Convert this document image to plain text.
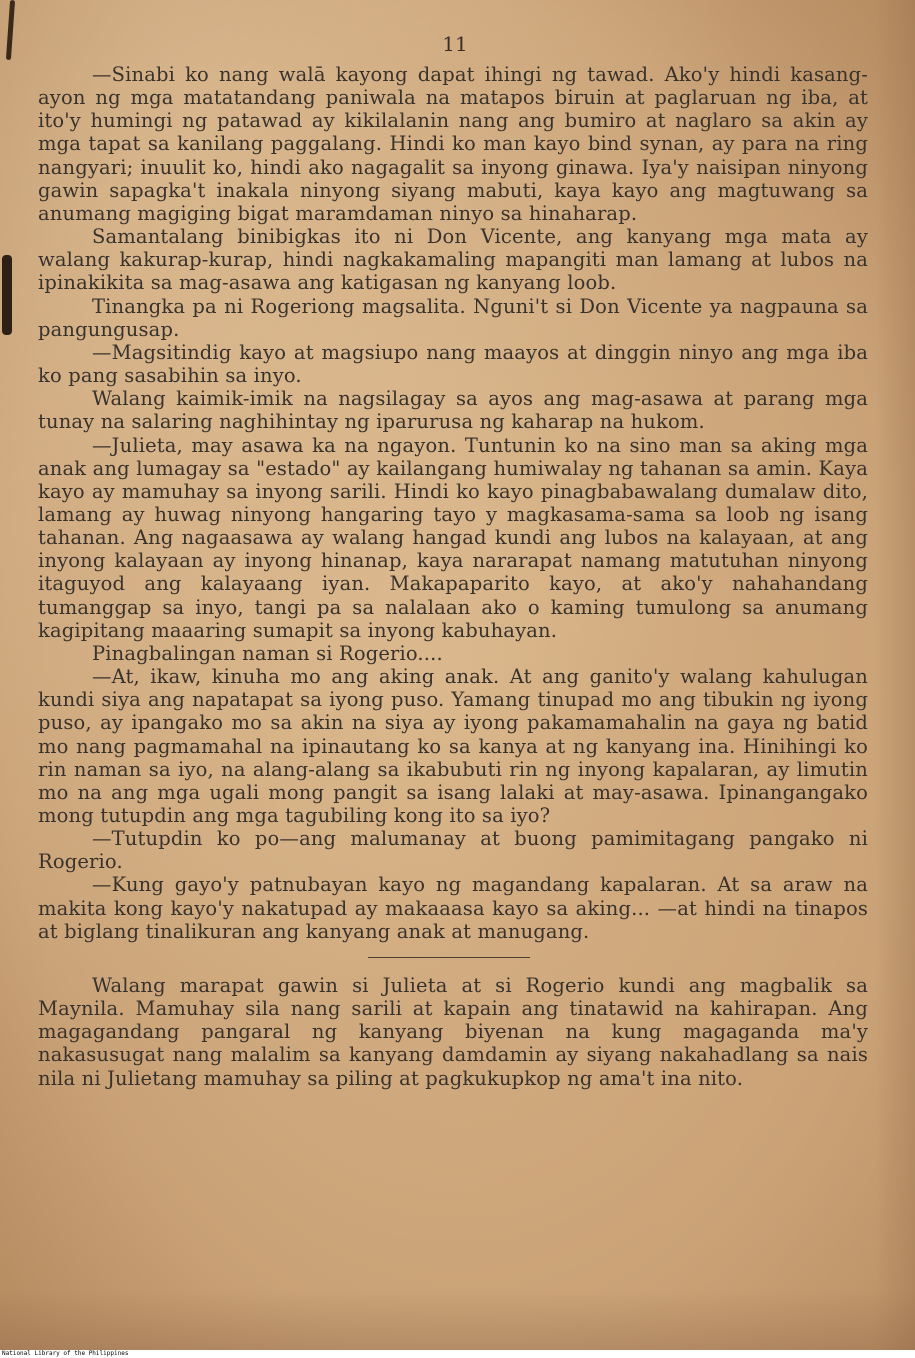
11

—Sinabi ko nang walā kayong dapat ihingi ng tawad. Ako'y hindi kasang-ayon ng mga matatandang paniwala na matapos biruin at paglaruan ng iba, at ito'y humingi ng patawad ay kikilalanin nang ang bumiro at naglaro sa akin ay mga tapat sa kanilang paggalang. Hindi ko man kayo bind synan, ay para na ring nangyari; inuulit ko, hindi ako nagagalit sa inyong ginawa. Iya'y naisipan ninyong gawin sapagka't inakala ninyong siyang mabuti, kaya kayo ang magtuwang sa anumang magiging bigat maramdaman ninyo sa hinaharap.

Samantalang binibigkas ito ni Don Vicente, ang kanyang mga mata ay walang kakurap-kurap, hindi nagkakamaling mapangiti man lamang at lubos na ipinakikita sa mag-asawa ang katigasan ng kanyang loob.

Tinangka pa ni Rogeriong magsalita. Nguni't si Don Vicente ya nagpauna sa pangungusap.

—Magsitindig kayo at magsiupo nang maayos at dinggin ninyo ang mga iba ko pang sasabihin sa inyo.

Walang kaimik-imik na nagsilagay sa ayos ang mag-asawa at parang mga tunay na salaring naghihintay ng iparurusa ng kaharap na hukom.

—Julieta, may asawa ka na ngayon. Tuntunin ko na sino man sa aking mga anak ang lumagay sa "estado" ay kailangang humiwalay ng tahanan sa amin. Kaya kayo ay mamuhay sa inyong sarili. Hindi ko kayo pinagbabawalang dumalaw dito, lamang ay huwag ninyong hangaring tayo y magkasama-sama sa loob ng isang tahanan. Ang nagaasawa ay walang hangad kundi ang lubos na kalayaan, at ang inyong kalayaan ay inyong hinanap, kaya nararapat namang matutuhan ninyong itaguyod ang kalayaang iyan. Makapaparito kayo, at ako'y nahahandang tumanggap sa inyo, tangi pa sa nalalaan ako o kaming tumulong sa anumang kagipitang maaaring sumapit sa inyong kabuhayan.

Pinagbalingan naman si Rogerio....

—At, ikaw, kinuha mo ang aking anak. At ang ganito'y walang kahulugan kundi siya ang napatapat sa iyong puso. Yamang tinupad mo ang tibukin ng iyong puso, ay ipangako mo sa akin na siya ay iyong pakamamahalin na gaya ng batid mo nang pagmamahal na ipinautang ko sa kanya at ng kanyang ina. Hinihingi ko rin naman sa iyo, na alang-alang sa ikabubuti rin ng inyong kapalaran, ay limutin mo na ang mga ugali mong pangit sa isang lalaki at may-asawa. Ipinangangako mong tutupdin ang mga tagubiling kong ito sa iyo?

—Tutupdin ko po—ang malumanay at buong pamimitagang pangako ni Rogerio.

—Kung gayo'y patnubayan kayo ng magandang kapalaran. At sa araw na makita kong kayo'y nakatupad ay makaaasa kayo sa aking... —at hindi na tinapos at biglang tinalikuran ang kanyang anak at manugang.

Walang marapat gawin si Julieta at si Rogerio kundi ang magbalik sa Maynila. Mamuhay sila nang sarili at kapain ang tinatawid na kahirapan. Ang magagandang pangaral ng kanyang biyenan na kung magaganda ma'y nakasusugat nang malalim sa kanyang damdamin ay siyang nakahadlang sa nais nila ni Julietang mamuhay sa piling at pagkukupkop ng ama't ina nito.

National Library of the Philippines
